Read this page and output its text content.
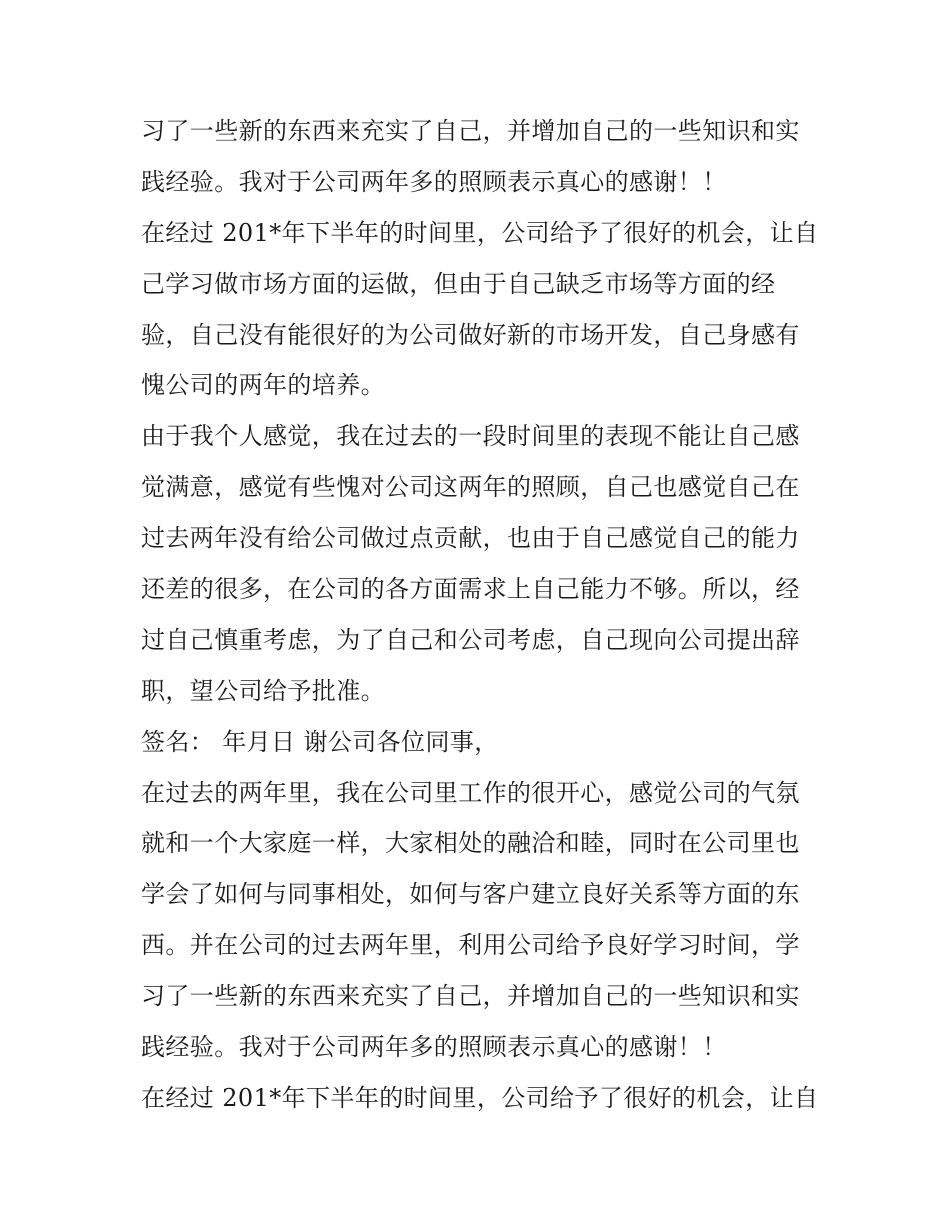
习了一些新的东西来充实了自己，并增加自己的一些知识和实
践经验。我对于公司两年多的照顾表示真心的感谢！！
在经过 201*年下半年的时间里，公司给予了很好的机会，让自
己学习做市场方面的运做，但由于自己缺乏市场等方面的经
验，自己没有能很好的为公司做好新的市场开发，自己身感有
愧公司的两年的培养。
由于我个人感觉，我在过去的一段时间里的表现不能让自己感
觉满意，感觉有些愧对公司这两年的照顾，自己也感觉自己在
过去两年没有给公司做过点贡献，也由于自己感觉自己的能力
还差的很多，在公司的各方面需求上自己能力不够。所以，经
过自己慎重考虑，为了自己和公司考虑，自己现向公司提出辞
职，望公司给予批准。
签名： 年月日 谢公司各位同事，
在过去的两年里，我在公司里工作的很开心，感觉公司的气氛
就和一个大家庭一样，大家相处的融洽和睦，同时在公司里也
学会了如何与同事相处，如何与客户建立良好关系等方面的东
西。并在公司的过去两年里，利用公司给予良好学习时间，学
习了一些新的东西来充实了自己，并增加自己的一些知识和实
践经验。我对于公司两年多的照顾表示真心的感谢！！
在经过 201*年下半年的时间里，公司给予了很好的机会，让自
